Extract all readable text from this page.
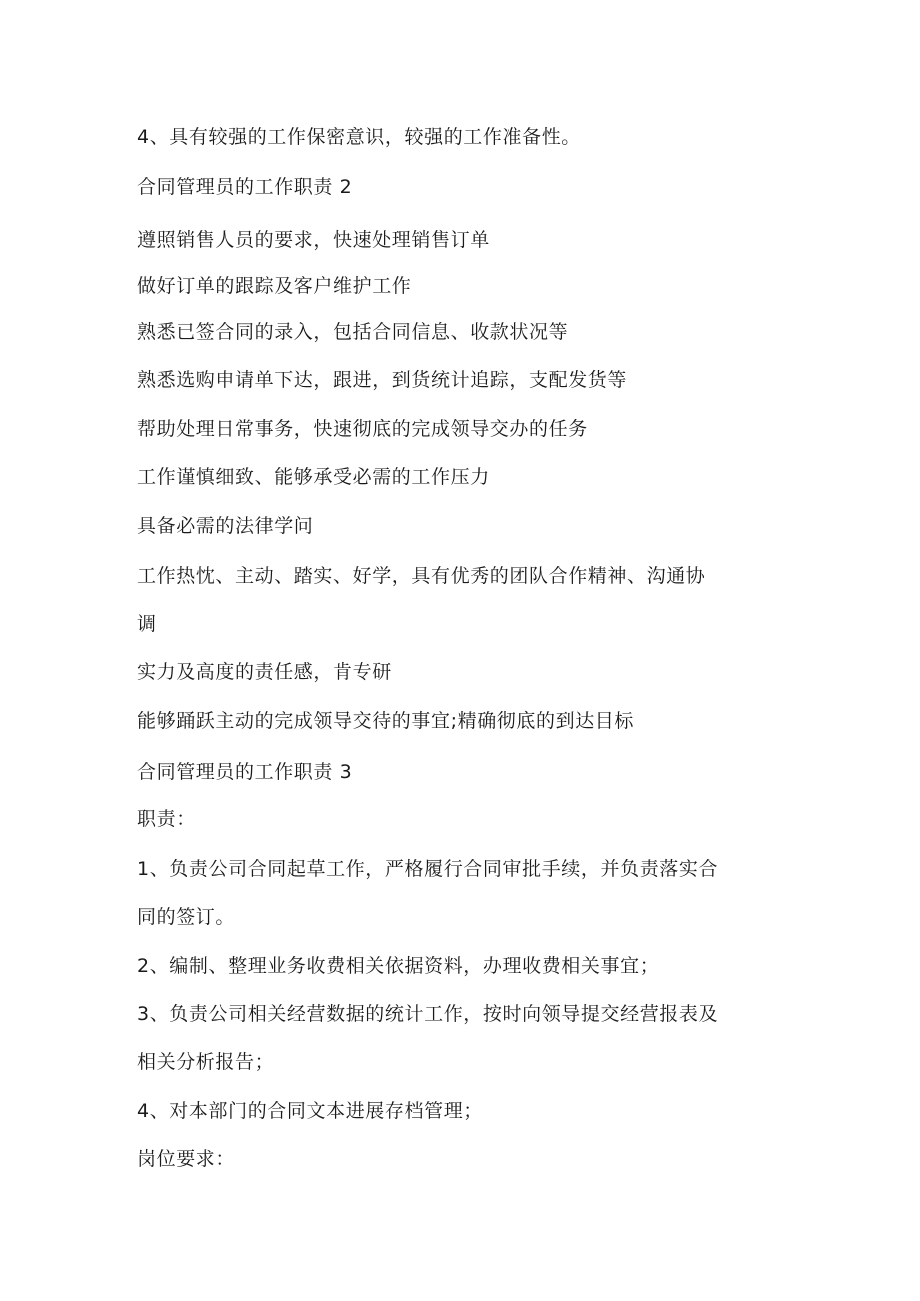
4、具有较强的工作保密意识，较强的工作准备性。
合同管理员的工作职责 2
遵照销售人员的要求，快速处理销售订单
做好订单的跟踪及客户维护工作
熟悉已签合同的录入，包括合同信息、收款状况等
熟悉选购申请单下达，跟进，到货统计追踪，支配发货等
帮助处理日常事务，快速彻底的完成领导交办的任务
工作谨慎细致、能够承受必需的工作压力
具备必需的法律学问
工作热忱、主动、踏实、好学，具有优秀的团队合作精神、沟通协
调
实力及高度的责任感，肯专研
能够踊跃主动的完成领导交待的事宜;精确彻底的到达目标
合同管理员的工作职责 3
职责：
1、负责公司合同起草工作，严格履行合同审批手续，并负责落实合
同的签订。
2、编制、整理业务收费相关依据资料，办理收费相关事宜；
3、负责公司相关经营数据的统计工作，按时向领导提交经营报表及
相关分析报告；
4、对本部门的合同文本进展存档管理；
岗位要求：
